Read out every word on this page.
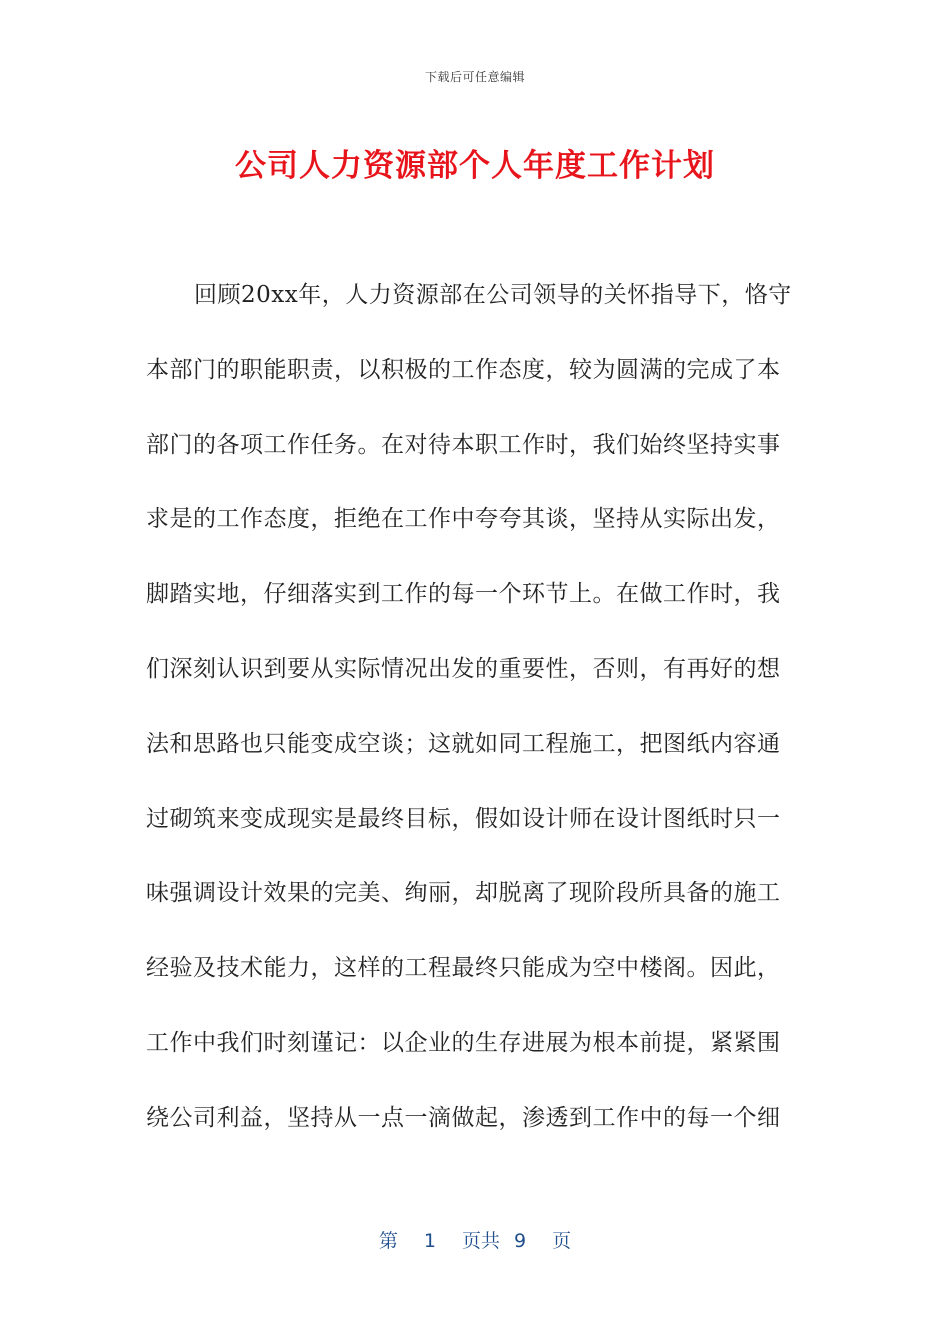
下载后可任意编辑
公司人力资源部个人年度工作计划
回顾20xx年，人力资源部在公司领导的关怀指导下，恪守
本部门的职能职责，以积极的工作态度，较为圆满的完成了本
部门的各项工作任务。在对待本职工作时，我们始终坚持实事
求是的工作态度，拒绝在工作中夸夸其谈，坚持从实际出发，
脚踏实地，仔细落实到工作的每一个环节上。在做工作时，我
们深刻认识到要从实际情况出发的重要性，否则，有再好的想
法和思路也只能变成空谈；这就如同工程施工，把图纸内容通
过砌筑来变成现实是最终目标，假如设计师在设计图纸时只一
味强调设计效果的完美、绚丽，却脱离了现阶段所具备的施工
经验及技术能力，这样的工程最终只能成为空中楼阁。因此，
工作中我们时刻谨记：以企业的生存进展为根本前提，紧紧围
绕公司利益，坚持从一点一滴做起，渗透到工作中的每一个细
第 1 页共 9 页
